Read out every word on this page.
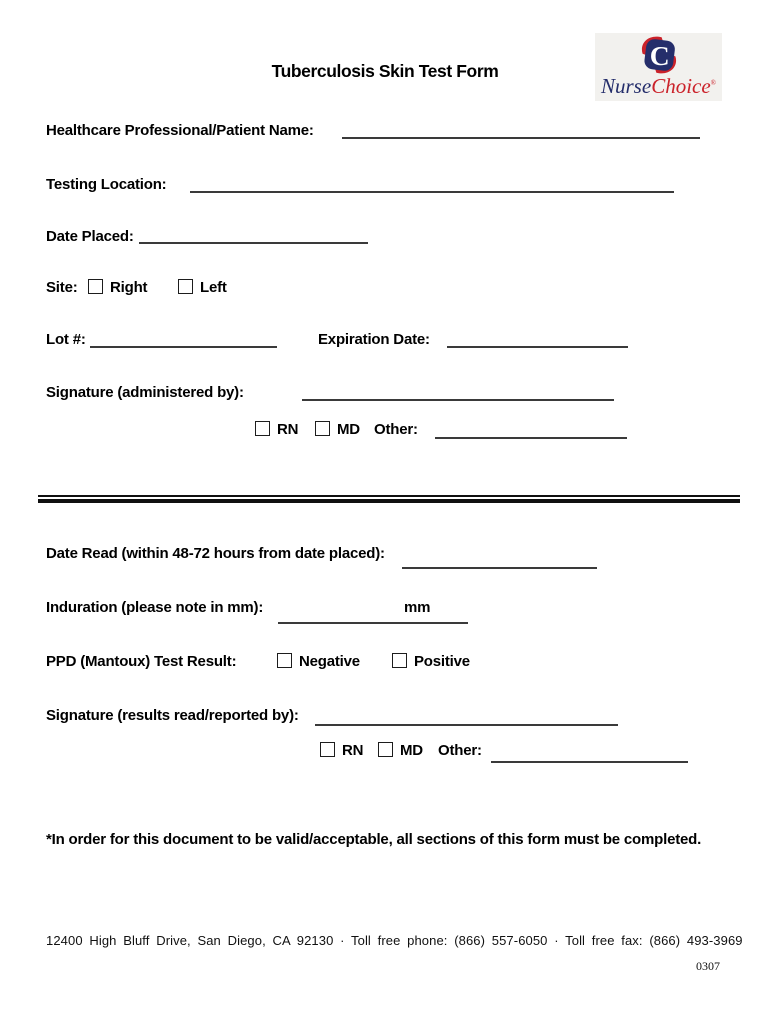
Tuberculosis Skin Test Form
C
NurseChoice®
Healthcare Professional/Patient Name:
Testing Location:
Date Placed:
Site: Right	Left
Lot #:	Expiration Date:
Signature (administered by):
RN	MD Other:
Date Read (within 48-72 hours from date placed):
Induration (please note in mm):	mm
PPD (Mantoux) Test Result:	Negative	Positive
Signature (results read/reported by):
RN MD Other:
*In order for this document to be valid/acceptable, all sections of this form must be completed.
12400 High Bluff Drive, San Diego, CA 92130 · Toll free phone: (866) 557-6050 · Toll free fax: (866) 493-3969
0307
